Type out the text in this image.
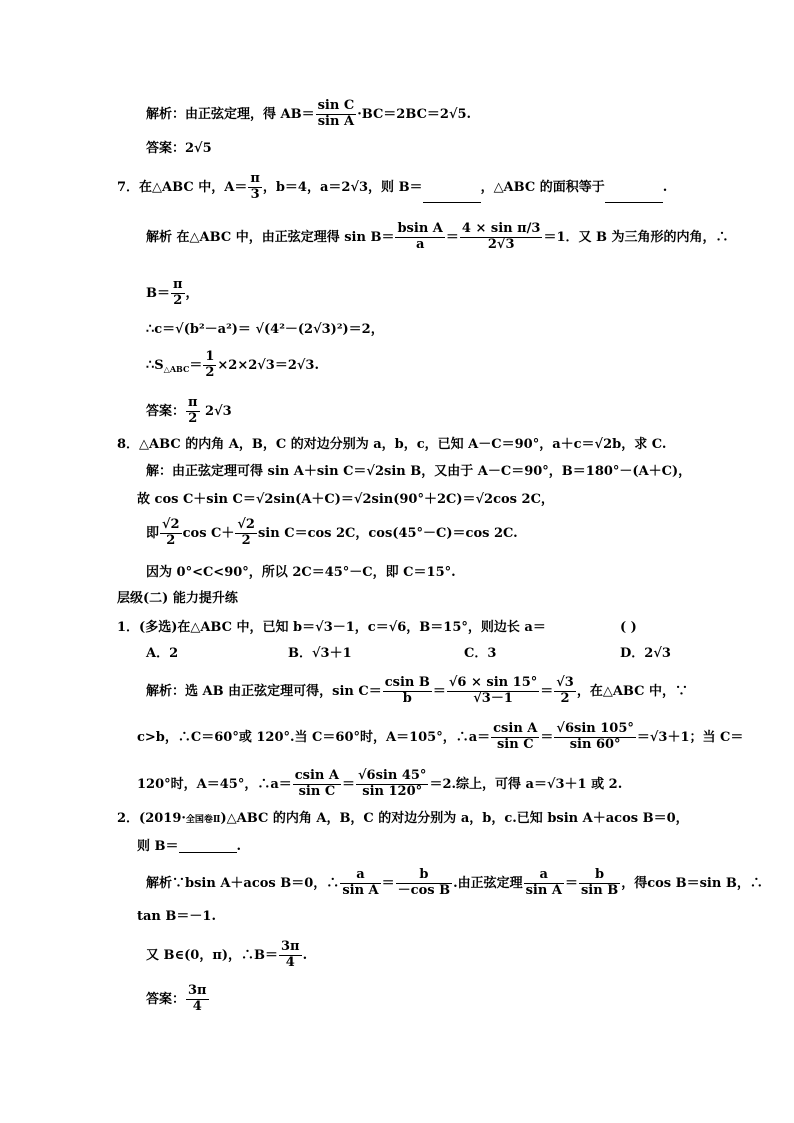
解析：由正弦定理，得 $AB= \frac{\text{sin C}}{\text{sin A}} \cdot BC=2BC=2√5$.
答案：2√5
7．在△ABC 中，$A= \frac{\pi}{3}$ ，b＝4，a＝2√3，则 B＝	，△ABC 的面积等于	.
解析 在△ABC 中，由正弦定理得 $\sin B= \frac{\text{bsin A}}{a} = \frac{\text{4 × sin π/3}}{2√3} =1$．又 B 为三角形的内角，∴
$B= \frac{\pi}{2}$ ，
∴c＝√(b²－a²)＝ √(4²－(2√3)²)＝2，
$\therefore S_{\triangle ABC}= \frac{1}{2} \times 2\times 2√3=2√3$.
答案： $\frac{\pi}{2} 2√3$
8．△ABC 的内角 A，B，C 的对边分别为 a，b，c，已知 A－C＝90°，a＋c＝√2b，求 C.
解：由正弦定理可得 sin A＋sin C＝√2sin B，又由于 A－C＝90°，B＝180°－(A＋C)，
故 cos C＋sin C＝√2sin(A＋C)＝√2sin(90°＋2C)＝√2cos 2C，
即 $\frac{√2}{2}$ $\cos C+ \frac{√2}{2}$ sin C＝cos 2C，cos(45°－C)＝cos 2C.
因为 0°<C<90°，所以 2C＝45°－C，即 C＝15°.
层级(二) 能力提升练
1．(多选)在△ABC 中，已知 b＝√3－1，c＝√6，B＝15°，则边长 a＝	( )
A．2	B．√3＋1	C．3	D．2√3
解析：选 AB 由正弦定理可得，$\sin C= \frac{\text{csin B}}{b} = \frac{√6 \times \sin 15^\circ}{√3-1} = \frac{√3}{2}$ ，在△ABC 中，∵
c>b，∴C＝60°或 120°.当 C＝60°时，A＝105°，∴a＝ $\frac{\text{csin A}}{\text{sin C}} = \frac{√6\sin 105^\circ}{\sin 60^\circ} =√3+1$；当 C＝
120°时，A＝45°，∴a＝ $\frac{\text{csin A}}{\text{sin C}} = \frac{√6\sin 45^\circ}{\sin 120^\circ} =2$.综上，可得 a＝√3＋1 或 2.
2．(2019·全国卷Ⅱ)△ABC 的内角 A，B，C 的对边分别为 a，b，c.已知 bsin A＋acos B＝0，
则 B＝	.
解析∵bsin A＋acos B＝0，∴ $\frac{a}{\text{sin A}} = \frac{b}{\text{－cos B}}$ .由正弦定理 $\frac{a}{\text{sin A}} = \frac{b}{\text{sin B}}$ ，得cos B＝sin B，∴
tan B＝－1.
又 B∈(0，π)，∴B＝ $\frac{3\pi}{4}$ .
答案： $\frac{3\pi}{4}$
